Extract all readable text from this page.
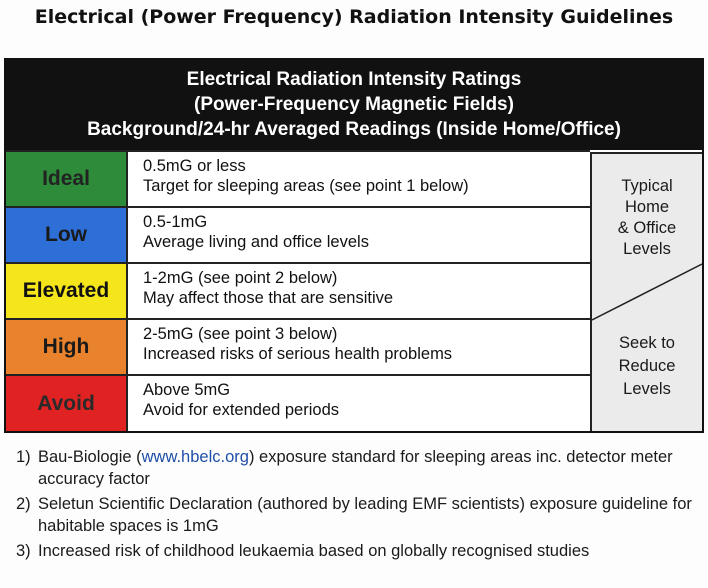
Electrical (Power Frequency) Radiation Intensity Guidelines
Electrical Radiation Intensity Ratings
(Power-Frequency Magnetic Fields)
Background/24-hr Averaged Readings (Inside Home/Office)
Ideal
0.5mG or less
Target for sleeping areas (see point 1 below)
Low
0.5-1mG
Average living and office levels
Elevated
1-2mG (see point 2 below)
May affect those that are sensitive
High
2-5mG (see point 3 below)
Increased risks of serious health problems
Avoid
Above 5mG
Avoid for extended periods
Typical
Home
& Office
Levels
Seek to
Reduce
Levels
1) Bau-Biologie (www.hbelc.org) exposure standard for sleeping areas inc. detector meter accuracy factor
2) Seletun Scientific Declaration (authored by leading EMF scientists) exposure guideline for habitable spaces is 1mG
3) Increased risk of childhood leukaemia based on globally recognised studies
